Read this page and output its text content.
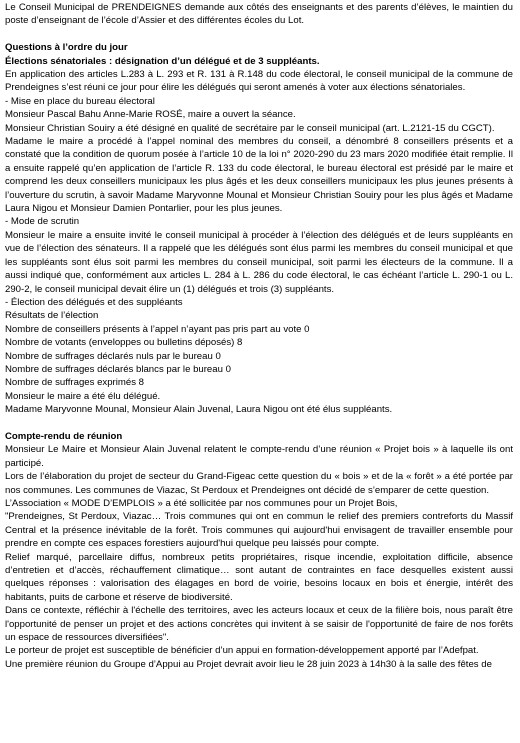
Le Conseil Municipal de PRENDEIGNES demande aux côtés des enseignants et des parents d’élèves, le maintien du poste d’enseignant de l’école d’Assier et des différentes écoles du Lot.

Questions à l’ordre du jour

Élections sénatoriales : désignation d’un délégué et de 3 suppléants.

En application des articles L.283 à L. 293 et R. 131 à R.148 du code électoral, le conseil municipal de la commune de Prendeignes s’est réuni ce jour pour élire les délégués qui seront amenés à voter aux élections sénatoriales.

- Mise en place du bureau électoral

Monsieur Pascal Bahu Anne-Marie ROSÉ, maire a ouvert la séance.

Monsieur Christian Souiry a été désigné en qualité de secrétaire par le conseil municipal (art. L.2121-15 du CGCT).

Madame le maire a procédé à l’appel nominal des membres du conseil, a dénombré 8 conseillers présents et a constaté que la condition de quorum posée à l’article 10 de la loi n° 2020-290 du 23 mars 2020 modifiée était remplie. Il a ensuite rappelé qu’en application de l’article R. 133 du code électoral, le bureau électoral est présidé par le maire et comprend les deux conseillers municipaux les plus âgés et les deux conseillers municipaux les plus jeunes présents à l’ouverture du scrutin, à savoir Madame Maryvonne Mounal et Monsieur Christian Souiry pour les plus âgés et Madame Laura Nigou et Monsieur Damien Pontarlier, pour les plus jeunes.

- Mode de scrutin

Monsieur le maire a ensuite invité le conseil municipal à procéder à l’élection des délégués et de leurs suppléants en vue de l’élection des sénateurs. Il a rappelé que les délégués sont élus parmi les membres du conseil municipal et que les suppléants sont élus soit parmi les membres du conseil municipal, soit parmi les électeurs de la commune. Il a aussi indiqué que, conformément aux articles L. 284 à L. 286 du code électoral, le cas échéant l’article L. 290-1 ou L. 290-2, le conseil municipal devait élire un (1) délégués et trois (3) suppléants.

- Élection des délégués et des suppléants

Résultats de l’élection

Nombre de conseillers présents à l’appel n’ayant pas pris part au vote 0

Nombre de votants (enveloppes ou bulletins déposés) 8

Nombre de suffrages déclarés nuls par le bureau 0

Nombre de suffrages déclarés blancs par le bureau 0

Nombre de suffrages exprimés 8

Monsieur le maire a été élu délégué.

Madame Maryvonne Mounal, Monsieur Alain Juvenal, Laura Nigou ont été élus suppléants.

Compte-rendu de réunion

Monsieur Le Maire et Monsieur Alain Juvenal relatent le compte-rendu d’une réunion « Projet bois » à laquelle ils ont participé.

Lors de l’élaboration du projet de secteur du Grand-Figeac cette question du « bois » et de la « forêt » a été portée par nos communes. Les communes de Viazac, St Perdoux et Prendeignes ont décidé de s’emparer de cette question.

L’Association « MODE D’EMPLOIS » a été sollicitée par nos communes pour un Projet Bois,

"Prendeignes, St Perdoux, Viazac… Trois communes qui ont en commun le relief des premiers contreforts du Massif Central et la présence inévitable de la forêt. Trois communes qui aujourd'hui envisagent de travailler ensemble pour prendre en compte ces espaces forestiers aujourd'hui quelque peu laissés pour compte.

Relief marqué, parcellaire diffus, nombreux petits propriétaires, risque incendie, exploitation difficile, absence d’entretien et d’accès, réchauffement climatique… sont autant de contraintes en face desquelles existent aussi quelques réponses : valorisation des élagages en bord de voirie, besoins locaux en bois et énergie, intérêt des habitants, puits de carbone et réserve de biodiversité.

Dans ce contexte, réfléchir à l'échelle des territoires, avec les acteurs locaux et ceux de la filière bois, nous paraît être l'opportunité de penser un projet et des actions concrètes qui invitent à se saisir de l'opportunité de faire de nos forêts un espace de ressources diversifiées".

Le porteur de projet est susceptible de bénéficier d’un appui en formation-développement apporté par l’Adefpat.

Une première réunion du Groupe d’Appui au Projet devrait avoir lieu le 28 juin 2023 à 14h30 à la salle des fêtes de
